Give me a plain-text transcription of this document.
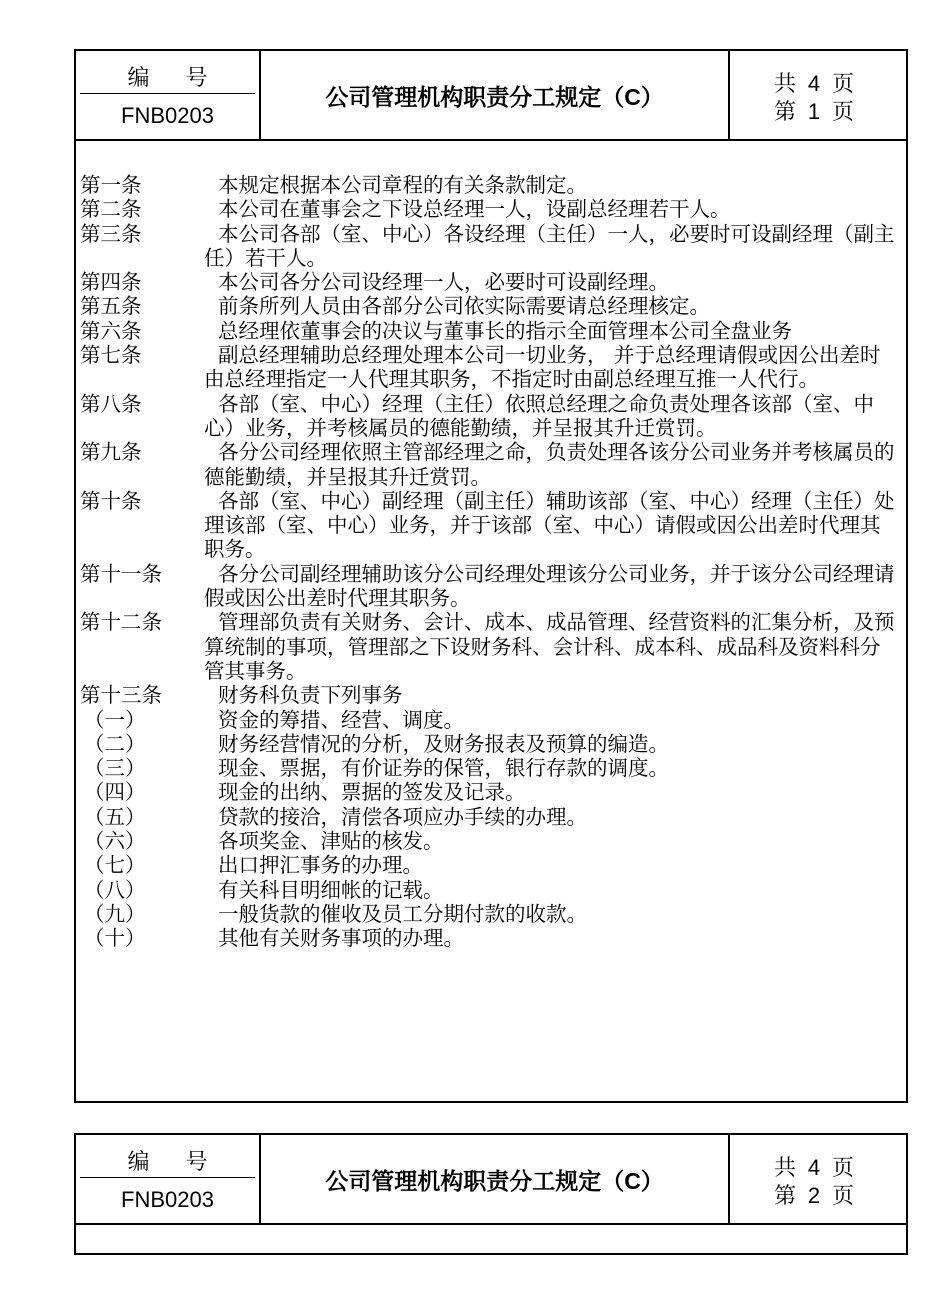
编号
FNB0203
公司管理机构职责分工规定（C）	共 4 页
第 1 页
第一条	本规定根据本公司章程的有关条款制定。
第二条	本公司在董事会之下设总经理一人，设副总经理若干人。
第三条	本公司各部（室、中心）各设经理（主任）一人，必要时可设副经理（副主任）若干人。
第四条	本公司各分公司设经理一人，必要时可设副经理。
第五条	前条所列人员由各部分公司依实际需要请总经理核定。
第六条	总经理依董事会的决议与董事长的指示全面管理本公司全盘业务
第七条	副总经理辅助总经理处理本公司一切业务， 并于总经理请假或因公出差时由总经理指定一人代理其职务，不指定时由副总经理互推一人代行。
第八条	各部（室、中心）经理（主任）依照总经理之命负责处理各该部（室、中心）业务，并考核属员的德能勤绩，并呈报其升迁赏罚。
第九条	各分公司经理依照主管部经理之命，负责处理各该分公司业务并考核属员的德能勤绩，并呈报其升迁赏罚。
第十条	各部（室、中心）副经理（副主任）辅助该部（室、中心）经理（主任）处理该部（室、中心）业务，并于该部（室、中心）请假或因公出差时代理其职务。
第十一条	各分公司副经理辅助该分公司经理处理该分公司业务，并于该分公司经理请假或因公出差时代理其职务。
第十二条	管理部负责有关财务、会计、成本、成品管理、经营资料的汇集分析，及预算统制的事项，管理部之下设财务科、会计科、成本科、成品科及资料科分管其事务。
第十三条	财务科负责下列事务
（一）	资金的筹措、经营、调度。
（二）	财务经营情况的分析，及财务报表及预算的编造。
（三）	现金、票据，有价证券的保管，银行存款的调度。
（四）	现金的出纳、票据的签发及记录。
（五）	贷款的接洽，清偿各项应办手续的办理。
（六）	各项奖金、津贴的核发。
（七）	出口押汇事务的办理。
（八）	有关科目明细帐的记载。
（九）	一般货款的催收及员工分期付款的收款。
（十）	其他有关财务事项的办理。
编号
FNB0203
公司管理机构职责分工规定（C）	共 4 页
第 2 页
